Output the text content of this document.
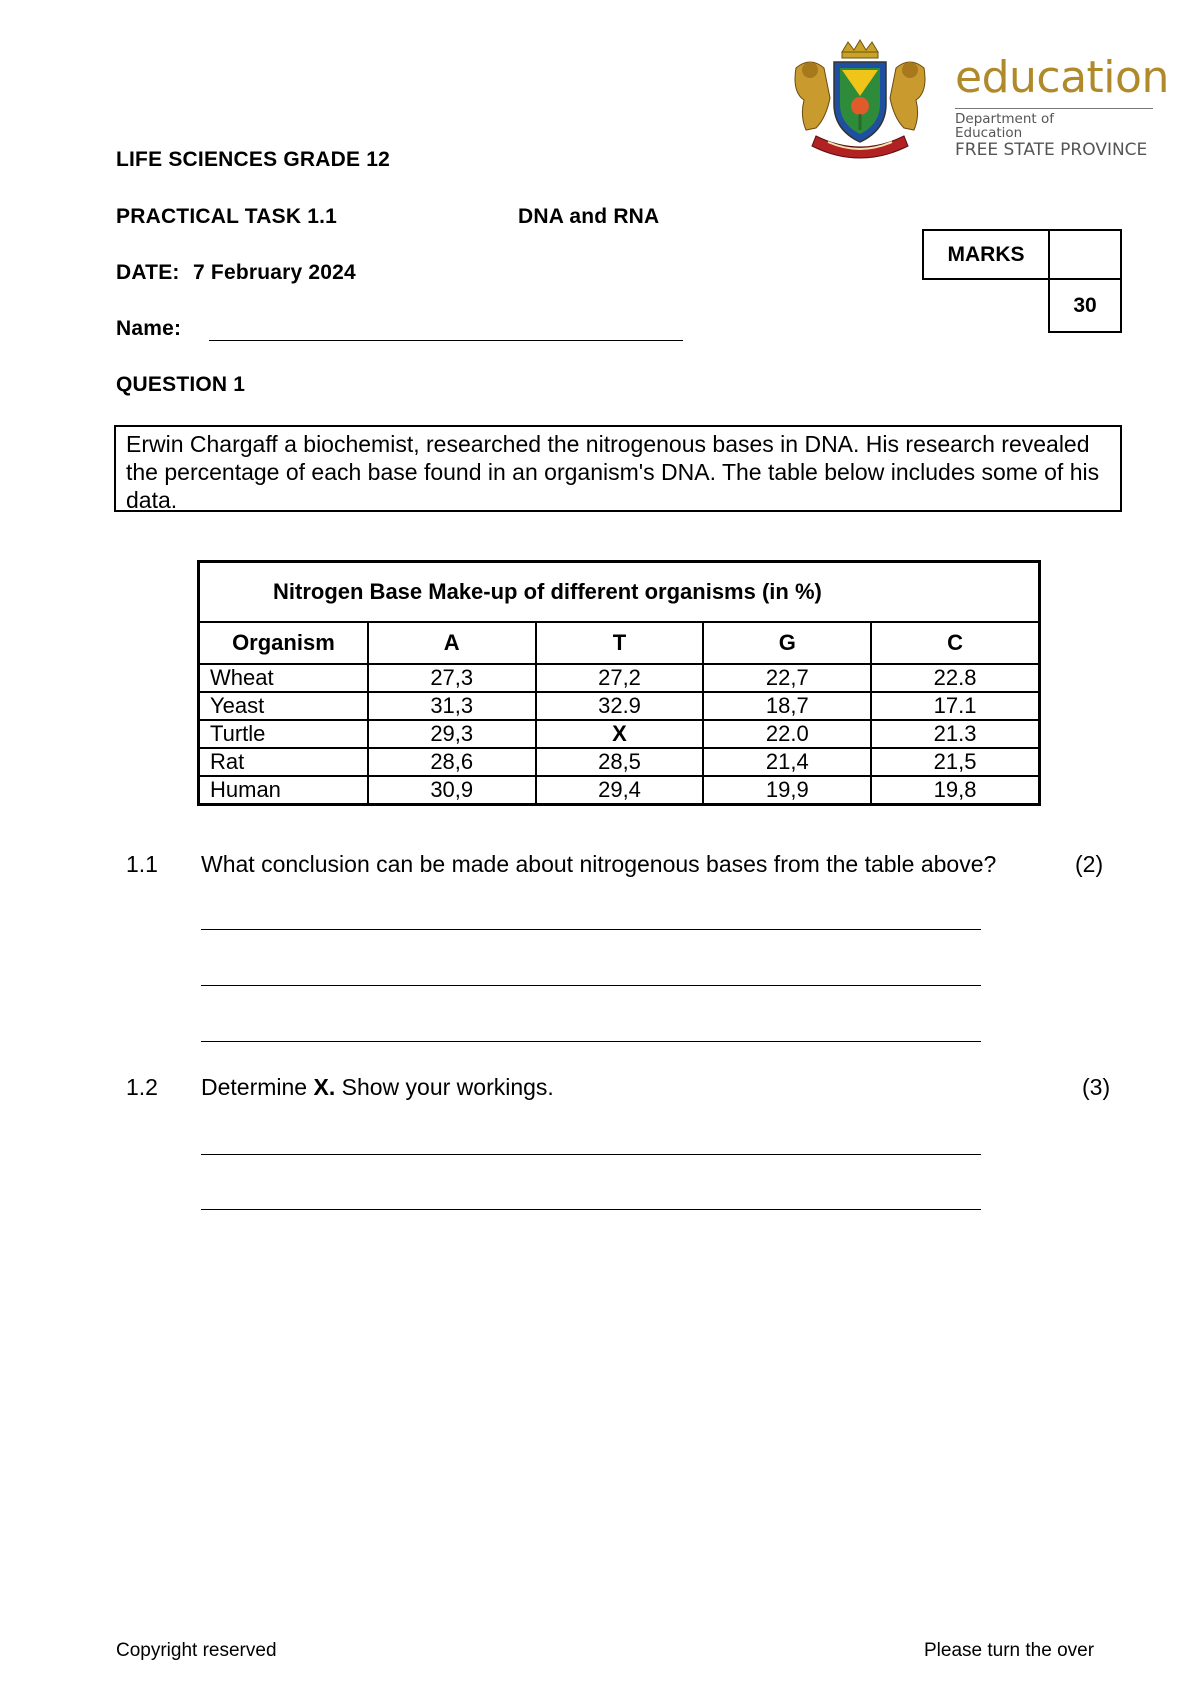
education
Department of
Education
FREE STATE PROVINCE
LIFE SCIENCES GRADE 12
PRACTICAL TASK 1.1	DNA and RNA
DATE: 7 February 2024
Name:
MARKS
30
QUESTION 1
Erwin Chargaff a biochemist, researched the nitrogenous bases in DNA. His research revealed the percentage of each base found in an organism's DNA. The table below includes some of his data.
Nitrogen Base Make-up of different organisms (in %)				
Organism	A	T	G	C
Wheat	27,3	27,2	22,7	22.8
Yeast	31,3	32.9	18,7	17.1
Turtle	29,3	X	22.0	21.3
Rat	28,6	28,5	21,4	21,5
Human	30,9	29,4	19,9	19,8
1.1 What conclusion can be made about nitrogenous bases from the table above?	(2)
1.2 Determine X. Show your workings.	(3)
Copyright reserved	Please turn the over
